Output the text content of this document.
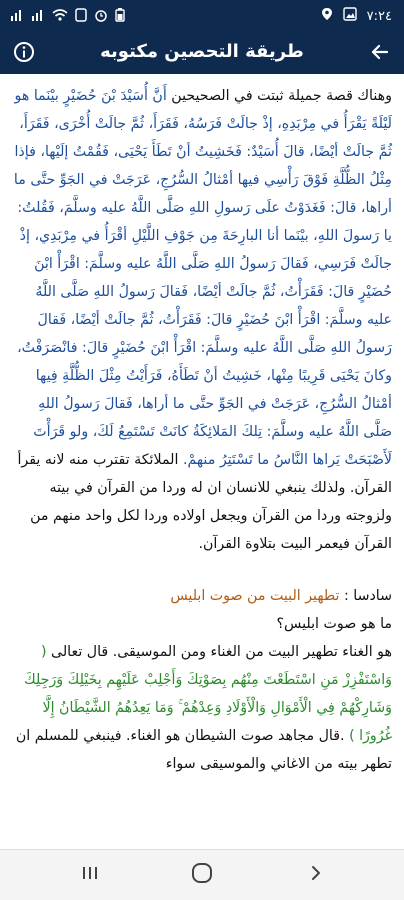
٧:٢٤
طريقة التحصين مكتوبه
وهناك قصة جميلة ثبتت في الصحيحين أَنَّ أُسَيْدَ بْنَ حُضَيْرٍ بيْنَما هو لَيْلَةً يَقْرَأُ في مِرْبَدِهِ، إذْ جالَتْ فَرَسُهُ، فَقَرَأَ، ثُمَّ جالَتْ أُخْرَى، فَقَرَأَ، ثُمَّ جالَتْ أيْضًا، قالَ أُسَيْدٌ: فَخَشِيتُ أنْ تَطَأَ يَحْيَى، فَقُمْتُ إلَيْها، فإذا مِثْلُ الظُّلَّةِ فَوْقَ رَأْسِي فيها أمْثالُ السُّرُجِ، عَرَجَتْ في الجَوِّ حتَّى ما أراها، قالَ: فَغَدَوْتُ علَى رَسولِ اللهِ صَلَّى اللَّهُ عليه وسلَّمَ، فَقُلتُ: يا رَسولَ اللهِ، بيْنَما أنا البارِحَةَ مِن جَوْفِ اللَّيْلِ أقْرَأُ في مِرْبَدِي، إذْ جالَتْ فَرَسِي، فَقالَ رَسولُ اللهِ صَلَّى اللَّهُ عليه وسلَّمَ: اقْرَأْ ابْنَ حُضَيْرٍ قالَ: فَقَرَأْتُ، ثُمَّ جالَتْ أيْضًا، فَقالَ رَسولُ اللهِ صَلَّى اللَّهُ عليه وسلَّمَ: اقْرَأْ ابْنَ حُضَيْرٍ قالَ: فَقَرَأْتُ، ثُمَّ جالَتْ أيْضًا، فَقالَ رَسولُ اللهِ صَلَّى اللَّهُ عليه وسلَّمَ: اقْرَأْ ابْنَ حُضَيْرٍ قالَ: فانْصَرَفْتُ، وكانَ يَحْيَى قَرِيبًا مِنْها، خَشِيتُ أنْ تَطَأَهُ، فَرَأَيْتُ مِثْلَ الظُّلَّةِ فِيها أمْثالُ السُّرُجِ، عَرَجَتْ في الجَوِّ حتَّى ما أراها، فَقالَ رَسولُ اللهِ صَلَّى اللَّهُ عليه وسلَّمَ: تِلكَ المَلائِكَةُ كانَتْ تَسْتَمِعُ لَكَ، ولو قَرَأْتَ لَأَصْبَحَتْ يَراها النَّاسُ ما تَسْتَتِرُ منهمْ. الملائكة تقترب منه لانه يقرأ القرآن. ولذلك ينبغي للانسان ان له وردا من القرآن في بيته ولزوجته وردا من القرآن ويجعل اولاده وردا لكل واحد منهم من القرآن فيعمر البيت بتلاوة القرآن.
سادسا : تطهير البيت من صوت ابليس
ما هو صوت ابليس؟
هو الغناء تطهير البيت من الغناء ومن الموسيقى. قال تعالى ( وَاسْتَفْزِزْ مَنِ اسْتَطَعْتَ مِنْهُم بِصَوْتِكَ وَأَجْلِبْ عَلَيْهِم بِخَيْلِكَ وَرَجِلِكَ وَشَارِكْهُمْ فِي الْأَمْوَالِ وَالْأَوْلَادِ وَعِدْهُمْ ۚ وَمَا يَعِدُهُمُ الشَّيْطَانُ إِلَّا غُرُورًا ) .قال مجاهد صوت الشيطان هو الغناء. فينبغي للمسلم ان تطهر بيته من الاغاني والموسيقى سواء
